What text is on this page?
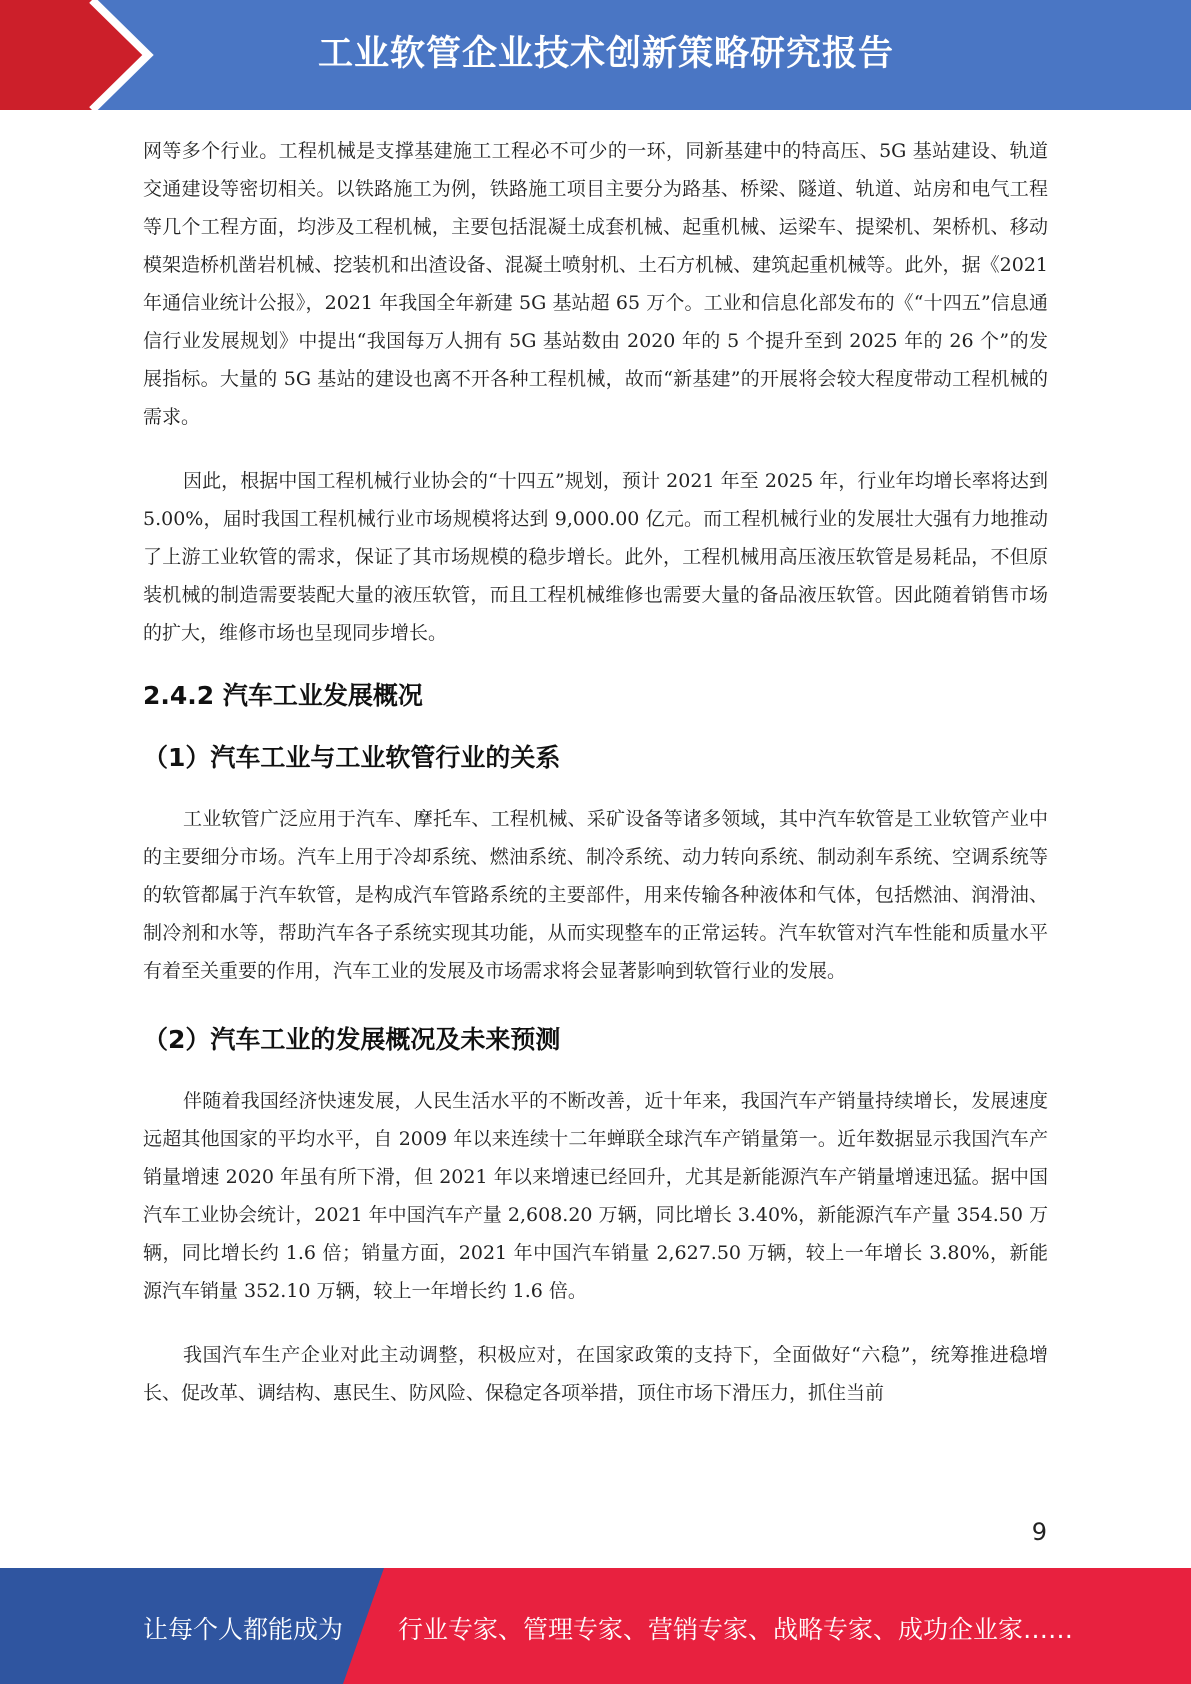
工业软管企业技术创新策略研究报告

网等多个行业。工程机械是支撑基建施工工程必不可少的一环，同新基建中的特高压、5G 基站建设、轨道交通建设等密切相关。以铁路施工为例，铁路施工项目主要分为路基、桥梁、隧道、轨道、站房和电气工程等几个工程方面，均涉及工程机械，主要包括混凝土成套机械、起重机械、运梁车、提梁机、架桥机、移动模架造桥机凿岩机械、挖装机和出渣设备、混凝土喷射机、土石方机械、建筑起重机械等。此外，据《2021 年通信业统计公报》，2021 年我国全年新建 5G 基站超 65 万个。工业和信息化部发布的《“十四五”信息通信行业发展规划》中提出“我国每万人拥有 5G 基站数由 2020 年的 5 个提升至到 2025 年的 26 个”的发展指标。大量的 5G 基站的建设也离不开各种工程机械，故而“新基建”的开展将会较大程度带动工程机械的需求。

因此，根据中国工程机械行业协会的“十四五”规划，预计 2021 年至 2025 年，行业年均增长率将达到 5.00%，届时我国工程机械行业市场规模将达到 9,000.00 亿元。而工程机械行业的发展壮大强有力地推动了上游工业软管的需求，保证了其市场规模的稳步增长。此外，工程机械用高压液压软管是易耗品，不但原装机械的制造需要装配大量的液压软管，而且工程机械维修也需要大量的备品液压软管。因此随着销售市场的扩大，维修市场也呈现同步增长。

2.4.2 汽车工业发展概况
（1）汽车工业与工业软管行业的关系

工业软管广泛应用于汽车、摩托车、工程机械、采矿设备等诸多领域，其中汽车软管是工业软管产业中的主要细分市场。汽车上用于冷却系统、燃油系统、制冷系统、动力转向系统、制动刹车系统、空调系统等的软管都属于汽车软管，是构成汽车管路系统的主要部件，用来传输各种液体和气体，包括燃油、润滑油、制冷剂和水等，帮助汽车各子系统实现其功能，从而实现整车的正常运转。汽车软管对汽车性能和质量水平有着至关重要的作用，汽车工业的发展及市场需求将会显著影响到软管行业的发展。

（2）汽车工业的发展概况及未来预测

伴随着我国经济快速发展，人民生活水平的不断改善，近十年来，我国汽车产销量持续增长，发展速度远超其他国家的平均水平，自 2009 年以来连续十二年蝉联全球汽车产销量第一。近年数据显示我国汽车产销量增速 2020 年虽有所下滑，但 2021 年以来增速已经回升，尤其是新能源汽车产销量增速迅猛。据中国汽车工业协会统计，2021 年中国汽车产量 2,608.20 万辆，同比增长 3.40%，新能源汽车产量 354.50 万辆，同比增长约 1.6 倍；销量方面，2021 年中国汽车销量 2,627.50 万辆，较上一年增长 3.80%，新能源汽车销量 352.10 万辆，较上一年增长约 1.6 倍。

我国汽车生产企业对此主动调整，积极应对，在国家政策的支持下，全面做好“六稳”，统筹推进稳增长、促改革、调结构、惠民生、防风险、保稳定各项举措，顶住市场下滑压力，抓住当前

9
让每个人都能成为 行业专家、管理专家、营销专家、战略专家、成功企业家……
